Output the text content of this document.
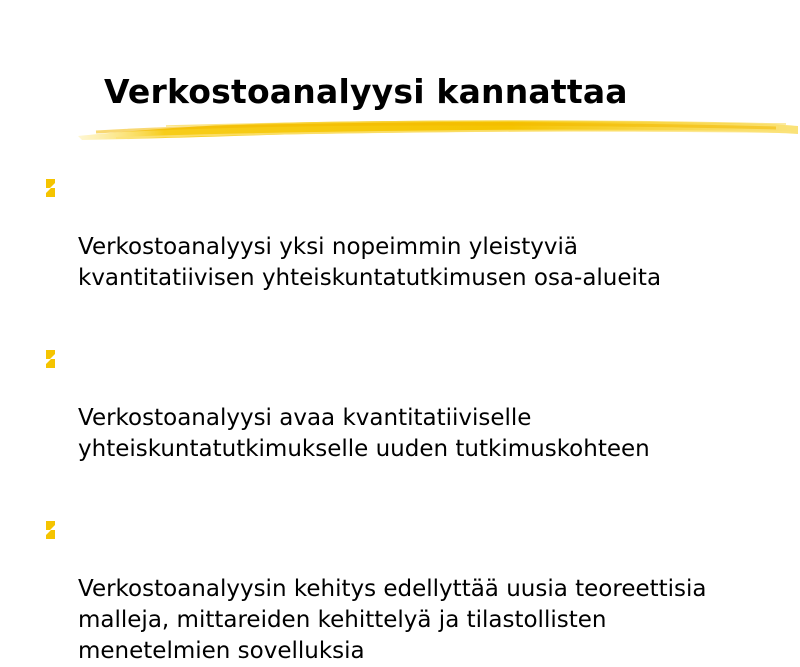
Verkostoanalyysi kannattaa

Verkostoanalyysi yksi nopeimmin yleistyviä
kvantitatiivisen yhteiskuntatutkimusen osa-alueita

Verkostoanalyysi avaa kvantitatiiviselle
yhteiskuntatutkimukselle uuden tutkimuskohteen

Verkostoanalyysin kehitys edellyttää uusia teoreettisia
malleja, mittareiden kehittelyä ja tilastollisten
menetelmien sovelluksia
